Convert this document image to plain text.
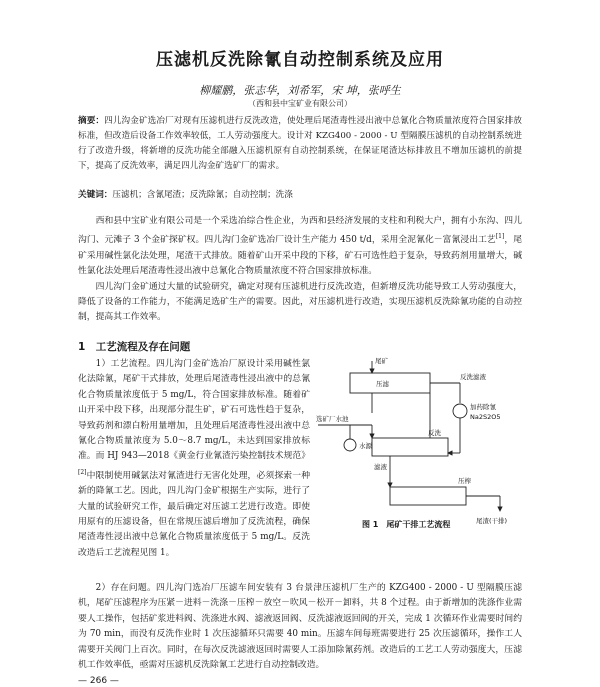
压滤机反洗除氰自动控制系统及应用
柳耀鹏，张志华，刘希军，宋 坤，张呼生
（西和县中宝矿业有限公司）
摘要：四儿沟金矿选冶厂对现有压滤机进行反洗改造，使处理后尾渣毒性浸出液中总氰化合物质量浓度符合国家排放标准，但改造后设备工作效率较低，工人劳动强度大。设计对 KZG400 - 2000 - U 型隔膜压滤机的自动控制系统进行了改造升级，将新增的反洗功能全部融入压滤机原有自动控制系统，在保证尾渣达标排放且不增加压滤机的前提下，提高了反洗效率，满足四儿沟金矿选矿厂的需求。
关键词：压滤机；含氰尾渣；反洗除氰；自动控制；洗涤

西和县中宝矿业有限公司是一个采选冶综合性企业，为西和县经济发展的支柱和利税大户，拥有小东沟、四儿沟门、元滩子 3 个金矿探矿权。四儿沟门金矿选冶厂设计生产能力 450 t/d，采用全泥氰化－富氰浸出工艺[1]，尾矿采用碱性氯化法处理，尾渣干式排放。随着矿山开采中段的下移，矿石可选性趋于复杂，导致药剂用量增大，碱性氯化法处理后尾渣毒性浸出液中总氰化合物质量浓度不符合国家排放标准。

四儿沟门金矿通过大量的试验研究，确定对现有压滤机进行反洗改造，但新增反洗功能导致工人劳动强度大，降低了设备的工作能力，不能满足选矿生产的需要。因此，对压滤机进行改造，实现压滤机反洗除氰功能的自动控制，提高其工作效率。

1　工艺流程及存在问题

1）工艺流程。四儿沟门金矿选冶厂原设计采用碱性氯化法除氰，尾矿干式排放，处理后尾渣毒性浸出液中的总氰化合物质量浓度低于 5 mg/L，符合国家排放标准。随着矿山开采中段下移，出现部分混生矿，矿石可选性趋于复杂，导致药剂和漂白粉用量增加，且处理后尾渣毒性浸出液中总氰化合物质量浓度为 5.0～8.7 mg/L，未达到国家排放标准。而 HJ 943—2018《黄金行业氰渣污染控制技术规范》[2]中限制使用碱氯法对氰渣进行无害化处理，必须探索一种新的降氰工艺。因此，四儿沟门金矿根据生产实际，进行了大量的试验研究工作，最后确定对压滤工艺进行改造。即使用原有的压滤设备，但在常规压滤后增加了反洗流程，确保尾渣毒性浸出液中总氰化合物质量浓度低于 5 mg/L。反洗改造后工艺流程见图 1。

尾矿
压滤
反洗滤液
加药除氰
Na2S2O5
选矿厂水池
水源
反洗
滤液
压榨
尾渣(干排)
图 1　尾矿干排工艺流程

2）存在问题。四儿沟门选冶厂压滤车间安装有 3 台景津压滤机厂生产的 KZG400 - 2000 - U 型隔膜压滤机，尾矿压滤程序为压紧－进料－洗涤－压榨－放空－吹风－松开－卸料，共 8 个过程。由于新增加的洗涤作业需要人工操作，包括矿浆进料阀、洗涤进水阀、滤液返回阀、反洗滤液返回阀的开关，完成 1 次循环作业需要时间约为 70 min，而没有反洗作业时 1 次压滤循环只需要 40 min。压滤车间每班需要进行 25 次压滤循环，操作工人需要开关阀门上百次。同时，在每次反洗滤液返回时需要人工添加除氰药剂。改造后的工艺工人劳动强度大，压滤机工作效率低，亟需对压滤机反洗除氰工艺进行自动控制改造。

— 266 —
